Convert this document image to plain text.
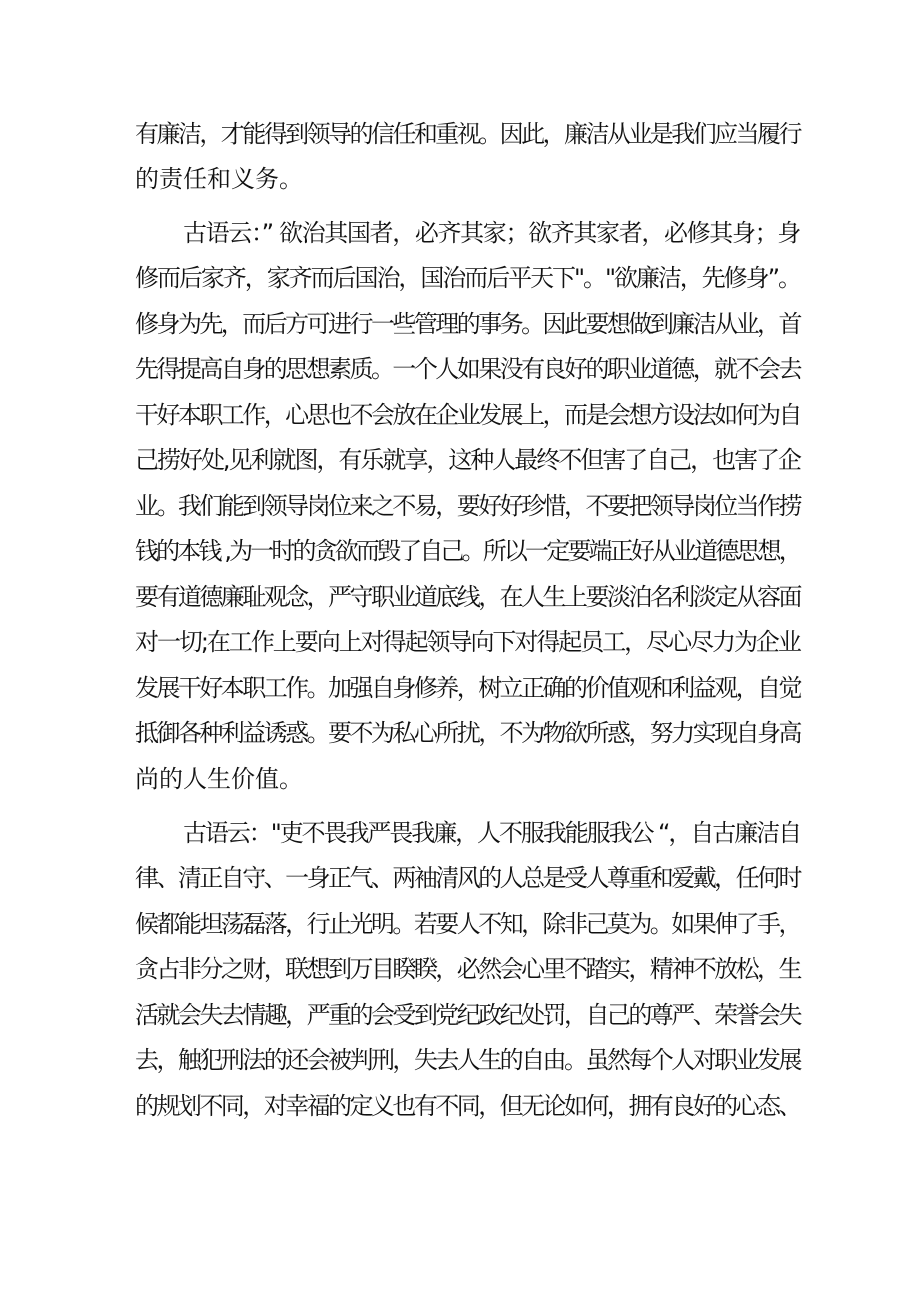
有廉洁，才能得到领导的信任和重视。因此，廉洁从业是我们应当履行
的责任和义务。
古语云：” 欲治其国者，必齐其家；欲齐其家者，必修其身；身
修而后家齐，家齐而后国治，国治而后平天下"。"欲廉洁，先修身”。
修身为先，而后方可进行一些管理的事务。因此要想做到廉洁从业，首
先得提高自身的思想素质。一个人如果没有良好的职业道德，就不会去
干好本职工作，心思也不会放在企业发展上，而是会想方设法如何为自
己捞好处,见利就图，有乐就享，这种人最终不但害了自己，也害了企
业。我们能到领导岗位来之不易，要好好珍惜，不要把领导岗位当作捞
钱的本钱 ,为一时的贪欲而毁了自己。所以一定要端正好从业道德思想，
要有道德廉耻观念，严守职业道底线，在人生上要淡泊名利淡定从容面
对一切;在工作上要向上对得起领导向下对得起员工，尽心尽力为企业
发展干好本职工作。加强自身修养，树立正确的价值观和利益观，自觉
抵御各种利益诱惑。要不为私心所扰，不为物欲所惑，努力实现自身高
尚的人生价值。
古语云："吏不畏我严畏我廉，人不服我能服我公 “，自古廉洁自
律、清正自守、一身正气、两袖清风的人总是受人尊重和爱戴，任何时
候都能坦荡磊落，行止光明。若要人不知，除非己莫为。如果伸了手，
贪占非分之财，联想到万目睽睽，必然会心里不踏实，精神不放松，生
活就会失去情趣，严重的会受到党纪政纪处罚，自己的尊严、荣誉会失
去，触犯刑法的还会被判刑，失去人生的自由。虽然每个人对职业发展
的规划不同，对幸福的定义也有不同，但无论如何，拥有良好的心态、
